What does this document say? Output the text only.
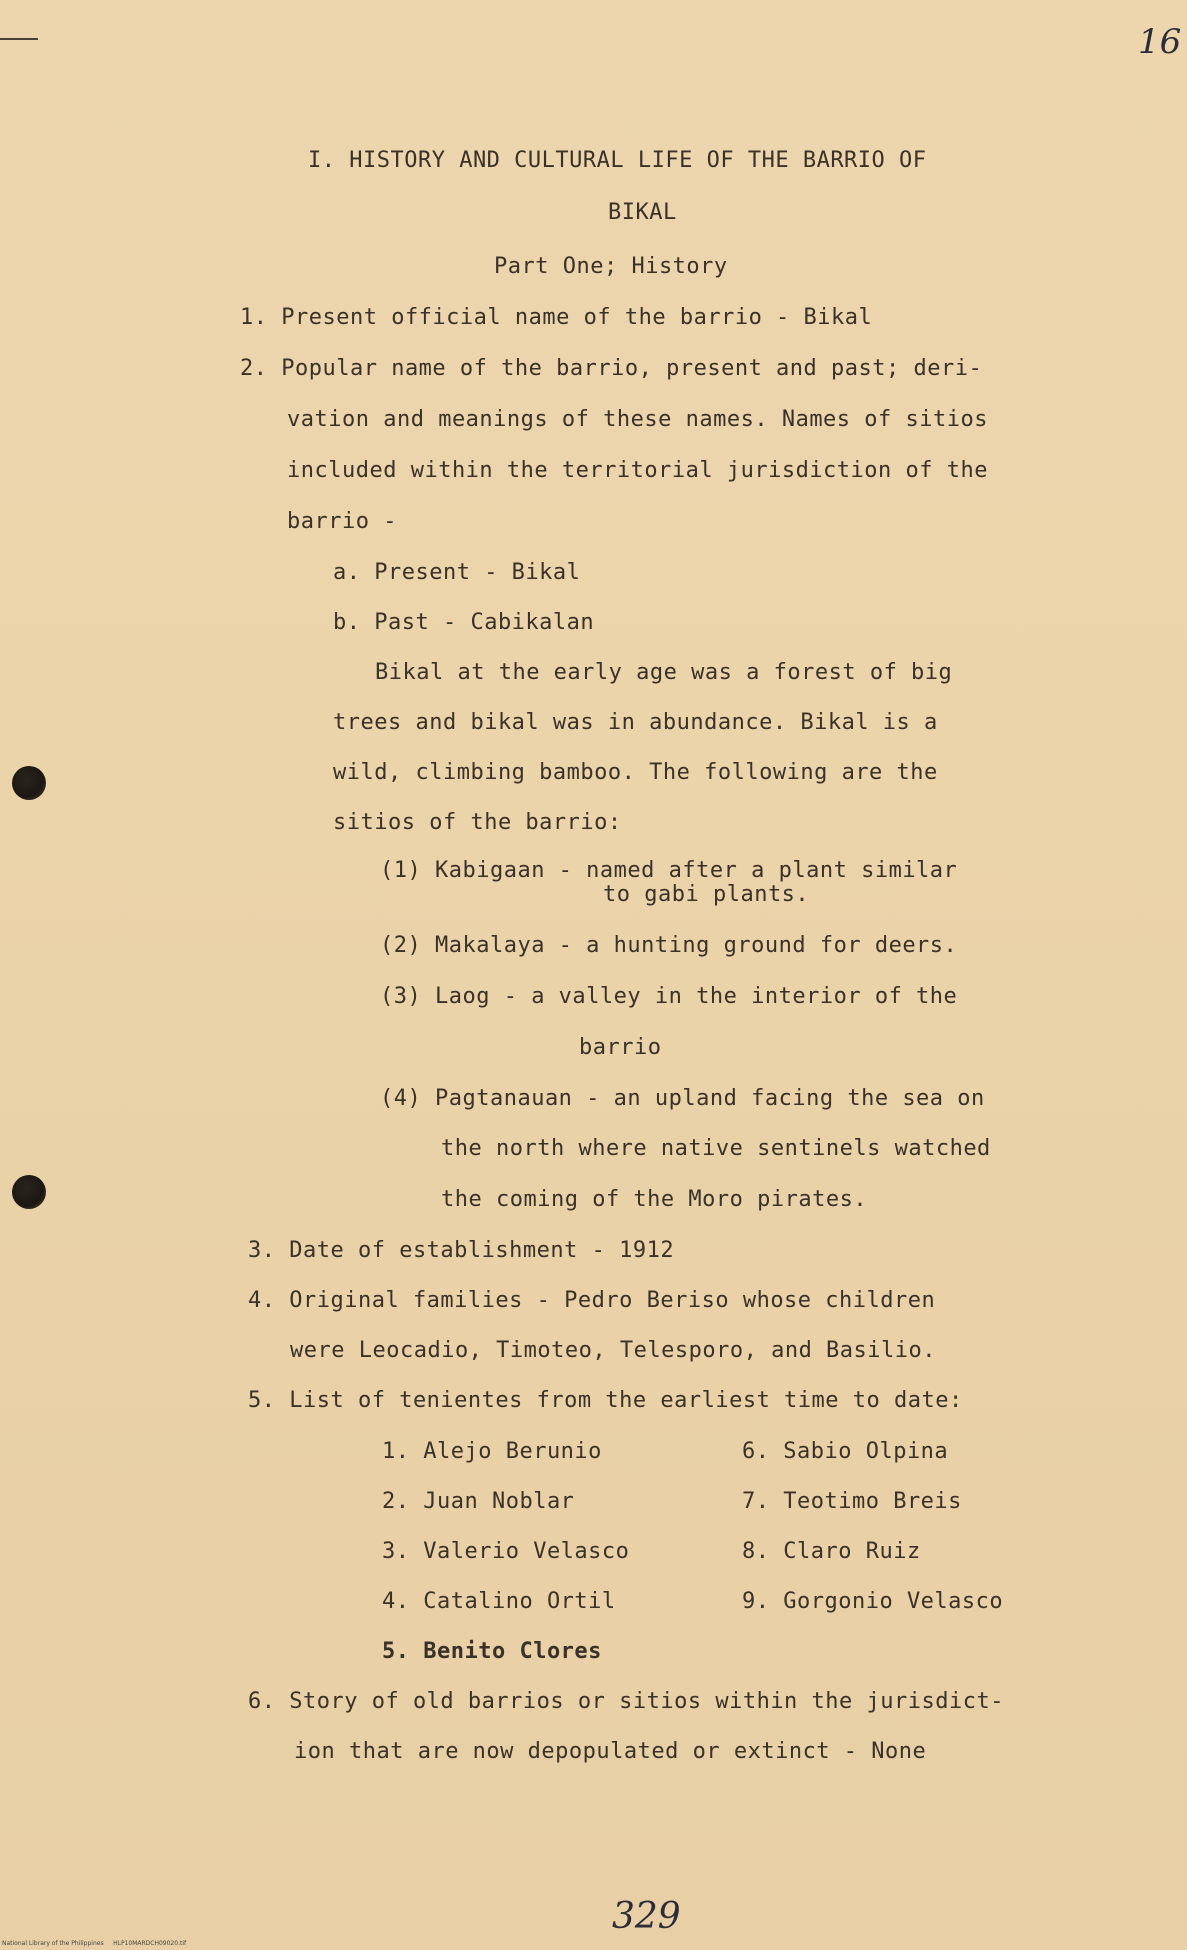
16
I. HISTORY AND CULTURAL LIFE OF THE BARRIO OF
BIKAL
Part One; History
1. Present official name of the barrio - Bikal
2. Popular name of the barrio, present and past; deri-
vation and meanings of these names. Names of sitios
included within the territorial jurisdiction of the
barrio -
a. Present - Bikal
b. Past - Cabikalan
Bikal at the early age was a forest of big
trees and bikal was in abundance. Bikal is a
wild, climbing bamboo. The following are the
sitios of the barrio:
(1) Kabigaan - named after a plant similar
to gabi plants.
(2) Makalaya - a hunting ground for deers.
(3) Laog - a valley in the interior of the
barrio
(4) Pagtanauan - an upland facing the sea on
the north where native sentinels watched
the coming of the Moro pirates.
3. Date of establishment - 1912
4. Original families - Pedro Beriso whose children
were Leocadio, Timoteo, Telesporo, and Basilio.
5. List of tenientes from the earliest time to date:
1. Alejo Berunio
2. Juan Noblar
3. Valerio Velasco
4. Catalino Ortil
5. Benito Clores
6. Sabio Olpina
7. Teotimo Breis
8. Claro Ruiz
9. Gorgonio Velasco
6. Story of old barrios or sitios within the jurisdict-
ion that are now depopulated or extinct - None
329
National Library of the Philippines     HLP10MARDCH09020.tif
